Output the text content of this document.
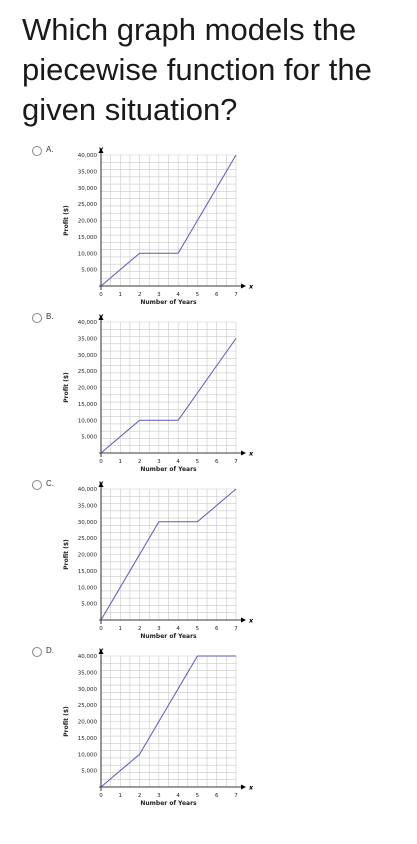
Which graph models the piecewise function for the given situation?
A.	y
x
5,000
10,000
15,000
20,000
25,000
30,000
35,000
40,000
0	1	2	3	4	5	6	7
Number of Years
Profit ($)
B.	y
x
5,000
10,000
15,000
20,000
25,000
30,000
35,000
40,000
0	1	2	3	4	5	6	7
Number of Years
Profit ($)
C.	y
x
5,000
10,000
15,000
20,000
25,000
30,000
35,000
40,000
0	1	2	3	4	5	6	7
Number of Years
Profit ($)
D.	y
x
5,000
10,000
15,000
20,000
25,000
30,000
35,000
40,000
0	1	2	3	4	5	6	7
Number of Years
Profit ($)
